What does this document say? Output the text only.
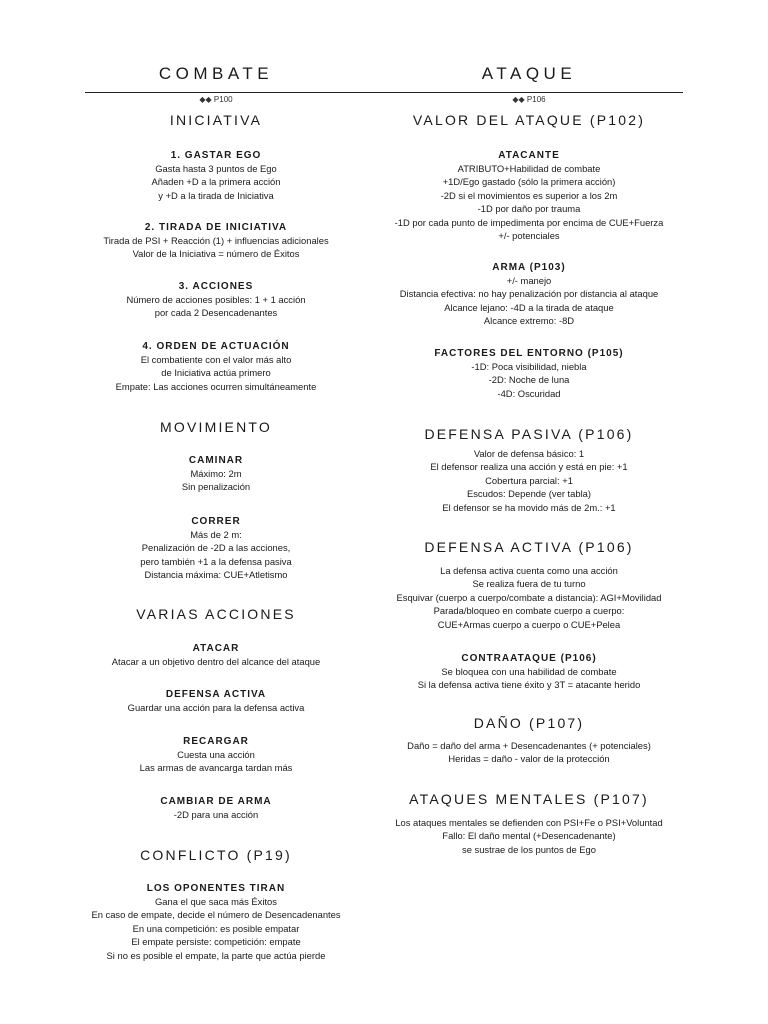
COMBATE
◆◆ P100
INICIATIVA
1. GASTAR EGO
Gasta hasta 3 puntos de Ego
Añaden +D a la primera acción
y +D a la tirada de Iniciativa
2. TIRADA DE INICIATIVA
Tirada de PSI + Reacción (1) + influencias adicionales
Valor de la Iniciativa = número de Éxitos
3. ACCIONES
Número de acciones posibles: 1 + 1 acción
por cada 2 Desencadenantes
4. ORDEN DE ACTUACIÓN
El combatiente con el valor más alto
de Iniciativa actúa primero
Empate: Las acciones ocurren simultáneamente
MOVIMIENTO
CAMINAR
Máximo: 2m
Sin penalización
CORRER
Más de 2 m:
Penalización de -2D a las acciones,
pero también +1 a la defensa pasiva
Distancia máxima: CUE+Atletismo
VARIAS ACCIONES
ATACAR
Atacar a un objetivo dentro del alcance del ataque
DEFENSA ACTIVA
Guardar una acción para la defensa activa
RECARGAR
Cuesta una acción
Las armas de avancarga tardan más
CAMBIAR DE ARMA
-2D para una acción
CONFLICTO (P19)
LOS OPONENTES TIRAN
Gana el que saca más Éxitos
En caso de empate, decide el número de Desencadenantes
En una competición: es posible empatar
El empate persiste: competición: empate
Si no es posible el empate, la parte que actúa pierde
ATAQUE
◆◆ P106
VALOR DEL ATAQUE (P102)
ATACANTE
ATRIBUTO+Habilidad de combate
+1D/Ego gastado (sólo la primera acción)
-2D si el movimientos es superior a los 2m
-1D por daño por trauma
-1D por cada punto de impedimenta por encima de CUE+Fuerza
+/- potenciales
ARMA (P103)
+/- manejo
Distancia efectiva: no hay penalización por distancia al ataque
Alcance lejano: -4D a la tirada de ataque
Alcance extremo: -8D
FACTORES DEL ENTORNO (P105)
-1D: Poca visibilidad, niebla
-2D: Noche de luna
-4D: Oscuridad
DEFENSA PASIVA (P106)
Valor de defensa básico: 1
El defensor realiza una acción y está en pie: +1
Cobertura parcial: +1
Escudos: Depende (ver tabla)
El defensor se ha movido más de 2m.: +1
DEFENSA ACTIVA (P106)
La defensa activa cuenta como una acción
Se realiza fuera de tu turno
Esquivar (cuerpo a cuerpo/combate a distancia): AGI+Movilidad
Parada/bloqueo en combate cuerpo a cuerpo:
CUE+Armas cuerpo a cuerpo o CUE+Pelea
CONTRAATAQUE (P106)
Se bloquea con una habilidad de combate
Si la defensa activa tiene éxito y 3T = atacante herido
DAÑO (P107)
Daño = daño del arma + Desencadenantes (+ potenciales)
Heridas = daño - valor de la protección
ATAQUES MENTALES (P107)
Los ataques mentales se defienden con PSI+Fe o PSI+Voluntad
Fallo: El daño mental (+Desencadenante)
se sustrae de los puntos de Ego
